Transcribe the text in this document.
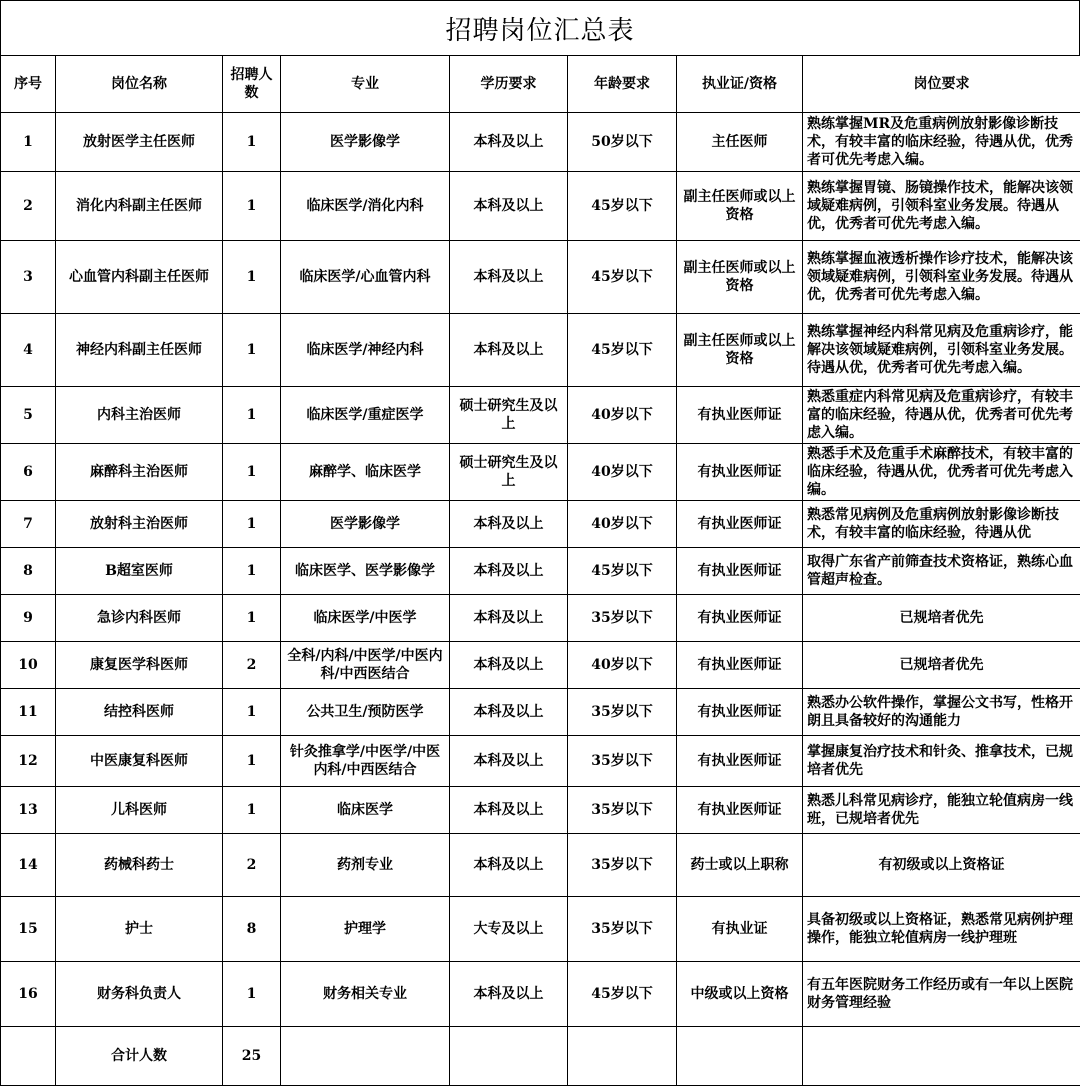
招聘岗位汇总表
序号	岗位名称	招聘人数	专业	学历要求	年龄要求	执业证/资格	岗位要求
1	放射医学主任医师	1	医学影像学	本科及以上	50岁以下	主任医师	熟练掌握MR及危重病例放射影像诊断技术，有较丰富的临床经验，待遇从优，优秀者可优先考虑入编。
2	消化内科副主任医师	1	临床医学/消化内科	本科及以上	45岁以下	副主任医师或以上资格	熟练掌握胃镜、肠镜操作技术，能解决该领域疑难病例，引领科室业务发展。待遇从优，优秀者可优先考虑入编。
3	心血管内科副主任医师	1	临床医学/心血管内科	本科及以上	45岁以下	副主任医师或以上资格	熟练掌握血液透析操作诊疗技术，能解决该领域疑难病例，引领科室业务发展。待遇从优，优秀者可优先考虑入编。
4	神经内科副主任医师	1	临床医学/神经内科	本科及以上	45岁以下	副主任医师或以上资格	熟练掌握神经内科常见病及危重病诊疗，能解决该领域疑难病例，引领科室业务发展。待遇从优，优秀者可优先考虑入编。
5	内科主治医师	1	临床医学/重症医学	硕士研究生及以上	40岁以下	有执业医师证	熟悉重症内科常见病及危重病诊疗，有较丰富的临床经验，待遇从优，优秀者可优先考虑入编。
6	麻醉科主治医师	1	麻醉学、临床医学	硕士研究生及以上	40岁以下	有执业医师证	熟悉手术及危重手术麻醉技术，有较丰富的临床经验，待遇从优，优秀者可优先考虑入编。
7	放射科主治医师	1	医学影像学	本科及以上	40岁以下	有执业医师证	熟悉常见病例及危重病例放射影像诊断技术，有较丰富的临床经验，待遇从优
8	B超室医师	1	临床医学、医学影像学	本科及以上	45岁以下	有执业医师证	取得广东省产前筛查技术资格证，熟练心血管超声检查。
9	急诊内科医师	1	临床医学/中医学	本科及以上	35岁以下	有执业医师证	已规培者优先
10	康复医学科医师	2	全科/内科/中医学/中医内科/中西医结合	本科及以上	40岁以下	有执业医师证	已规培者优先
11	结控科医师	1	公共卫生/预防医学	本科及以上	35岁以下	有执业医师证	熟悉办公软件操作，掌握公文书写，性格开朗且具备较好的沟通能力
12	中医康复科医师	1	针灸推拿学/中医学/中医内科/中西医结合	本科及以上	35岁以下	有执业医师证	掌握康复治疗技术和针灸、推拿技术，已规培者优先
13	儿科医师	1	临床医学	本科及以上	35岁以下	有执业医师证	熟悉儿科常见病诊疗，能独立轮值病房一线班，已规培者优先
14	药械科药士	2	药剂专业	本科及以上	35岁以下	药士或以上职称	有初级或以上资格证
15	护士	8	护理学	大专及以上	35岁以下	有执业证	具备初级或以上资格证，熟悉常见病例护理操作，能独立轮值病房一线护理班
16	财务科负责人	1	财务相关专业	本科及以上	45岁以下	中级或以上资格	有五年医院财务工作经历或有一年以上医院财务管理经验
	合计人数	25					
